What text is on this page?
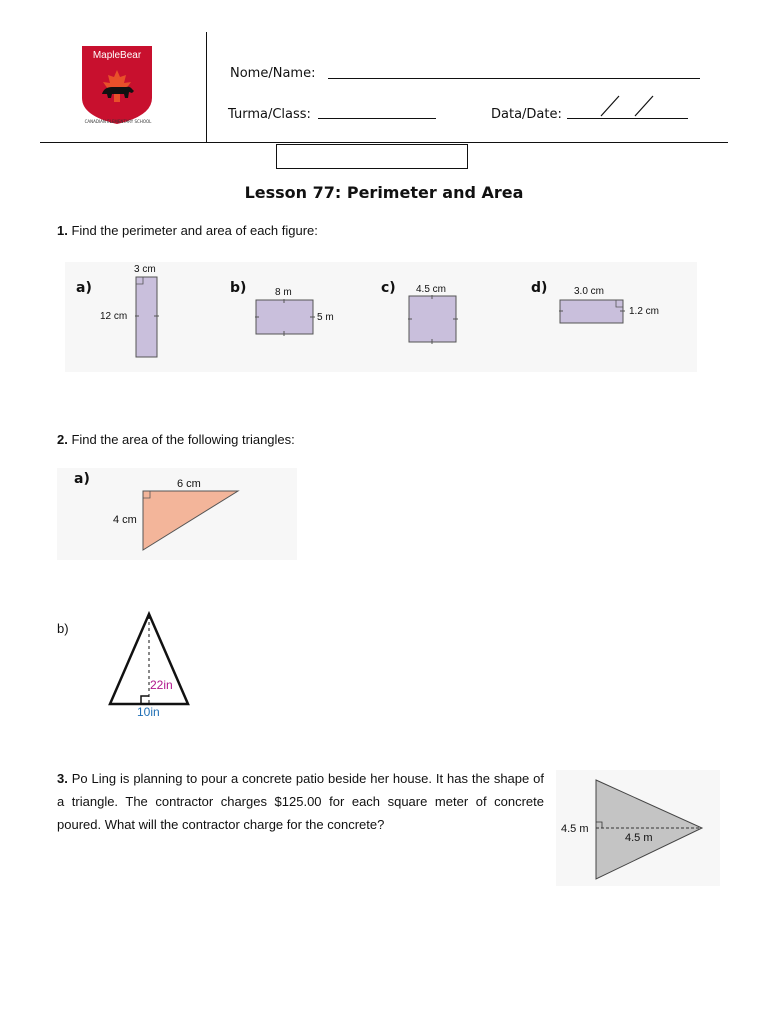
MapleBear
CANADIAN ELEMENTARY SCHOOL
Nome/Name:
Turma/Class:	Data/Date:
Lesson 77: Perimeter and Area
1. Find the perimeter and area of each figure:
a)
3 cm
12 cm
b)	8 m
5 m
c) 4.5 cm	d)	3.0 cm
1.2 cm
2. Find the area of the following triangles:
a)	6 cm
4 cm
b)
22in
10in
3. Po Ling is planning to pour a concrete patio beside her house. It has the shape of a triangle. The contractor charges $125.00 for each square meter of concrete poured. What will the contractor charge for the concrete?	4.5 m
4.5 m
